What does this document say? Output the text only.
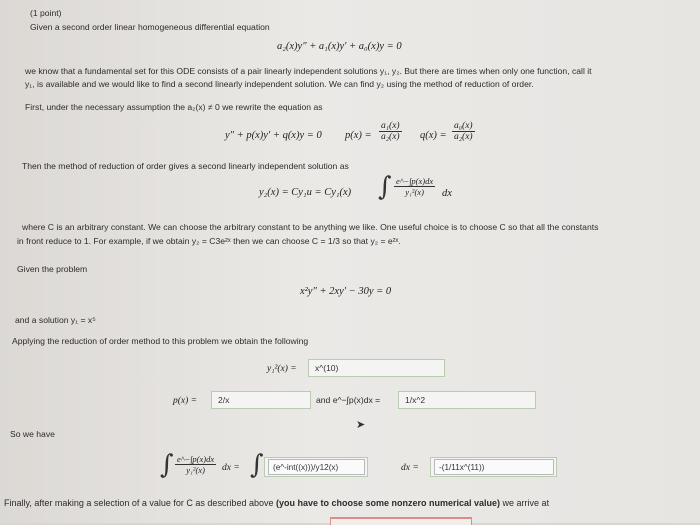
(1 point)
Given a second order linear homogeneous differential equation
a₂(x)y″ + a₁(x)y′ + a₀(x)y = 0
we know that a fundamental set for this ODE consists of a pair linearly independent solutions y₁, y₂. But there are times when only one function, call it
y₁, is available and we would like to find a second linearly independent solution. We can find y₂ using the method of reduction of order.
First, under the necessary assumption the a₂(x) ≠ 0 we rewrite the equation as
y″ + p(x)y′ + q(x)y = 0 $p(x) = \frac{\text{a₁(x)}}{\text{a₂(x)}} q(x) = \frac{\text{a₀(x)}}{\text{a₂(x)}}$
Then the method of reduction of order gives a second linearly independent solution as
y₂(x) = Cy₁u = Cy₁(x) ∫ $\frac{e\^{}-\int p(x)dx}{\text{y₁²(x)}}$ dx
where C is an arbitrary constant. We can choose the arbitrary constant to be anything we like. One useful choice is to choose C so that all the constants
in front reduce to 1. For example, if we obtain y₂ = C3e²ˣ then we can choose C = 1/3 so that y₂ = e²ˣ.
Given the problem
x²y″ + 2xy′ − 30y = 0
and a solution y₁ = x⁵
Applying the reduction of order method to this problem we obtain the following
y₁²(x) =	x^(10)
p(x) =	2/x	and e^−∫p(x)dx =	1/x^2
➤
So we have
∫ $\frac{e\^{}-\int p(x)dx}{\text{y₁²(x)}}$ dx = ∫	(e^-int((x)))/y12(x)	dx =	-(1/11x^(11))
Finally, after making a selection of a value for C as described above (you have to choose some nonzero numerical value) we arrive at
